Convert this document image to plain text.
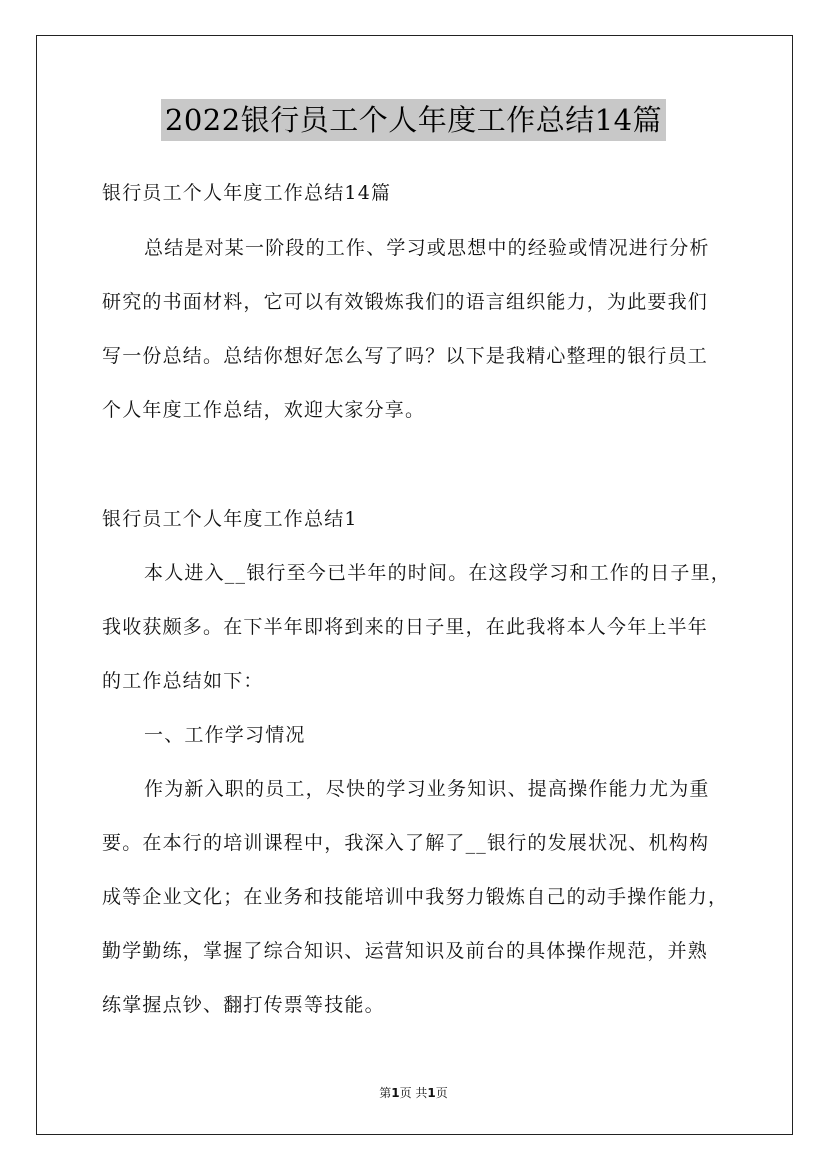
2022银行员工个人年度工作总结14篇
银行员工个人年度工作总结14篇
总结是对某一阶段的工作、学习或思想中的经验或情况进行分析
研究的书面材料，它可以有效锻炼我们的语言组织能力，为此要我们
写一份总结。总结你想好怎么写了吗？以下是我精心整理的银行员工
个人年度工作总结，欢迎大家分享。
银行员工个人年度工作总结1
本人进入__银行至今已半年的时间。在这段学习和工作的日子里，
我收获颇多。在下半年即将到来的日子里，在此我将本人今年上半年
的工作总结如下：
一、工作学习情况
作为新入职的员工，尽快的学习业务知识、提高操作能力尤为重
要。在本行的培训课程中，我深入了解了__银行的发展状况、机构构
成等企业文化；在业务和技能培训中我努力锻炼自己的动手操作能力，
勤学勤练，掌握了综合知识、运营知识及前台的具体操作规范，并熟
练掌握点钞、翻打传票等技能。
第1页 共1页
